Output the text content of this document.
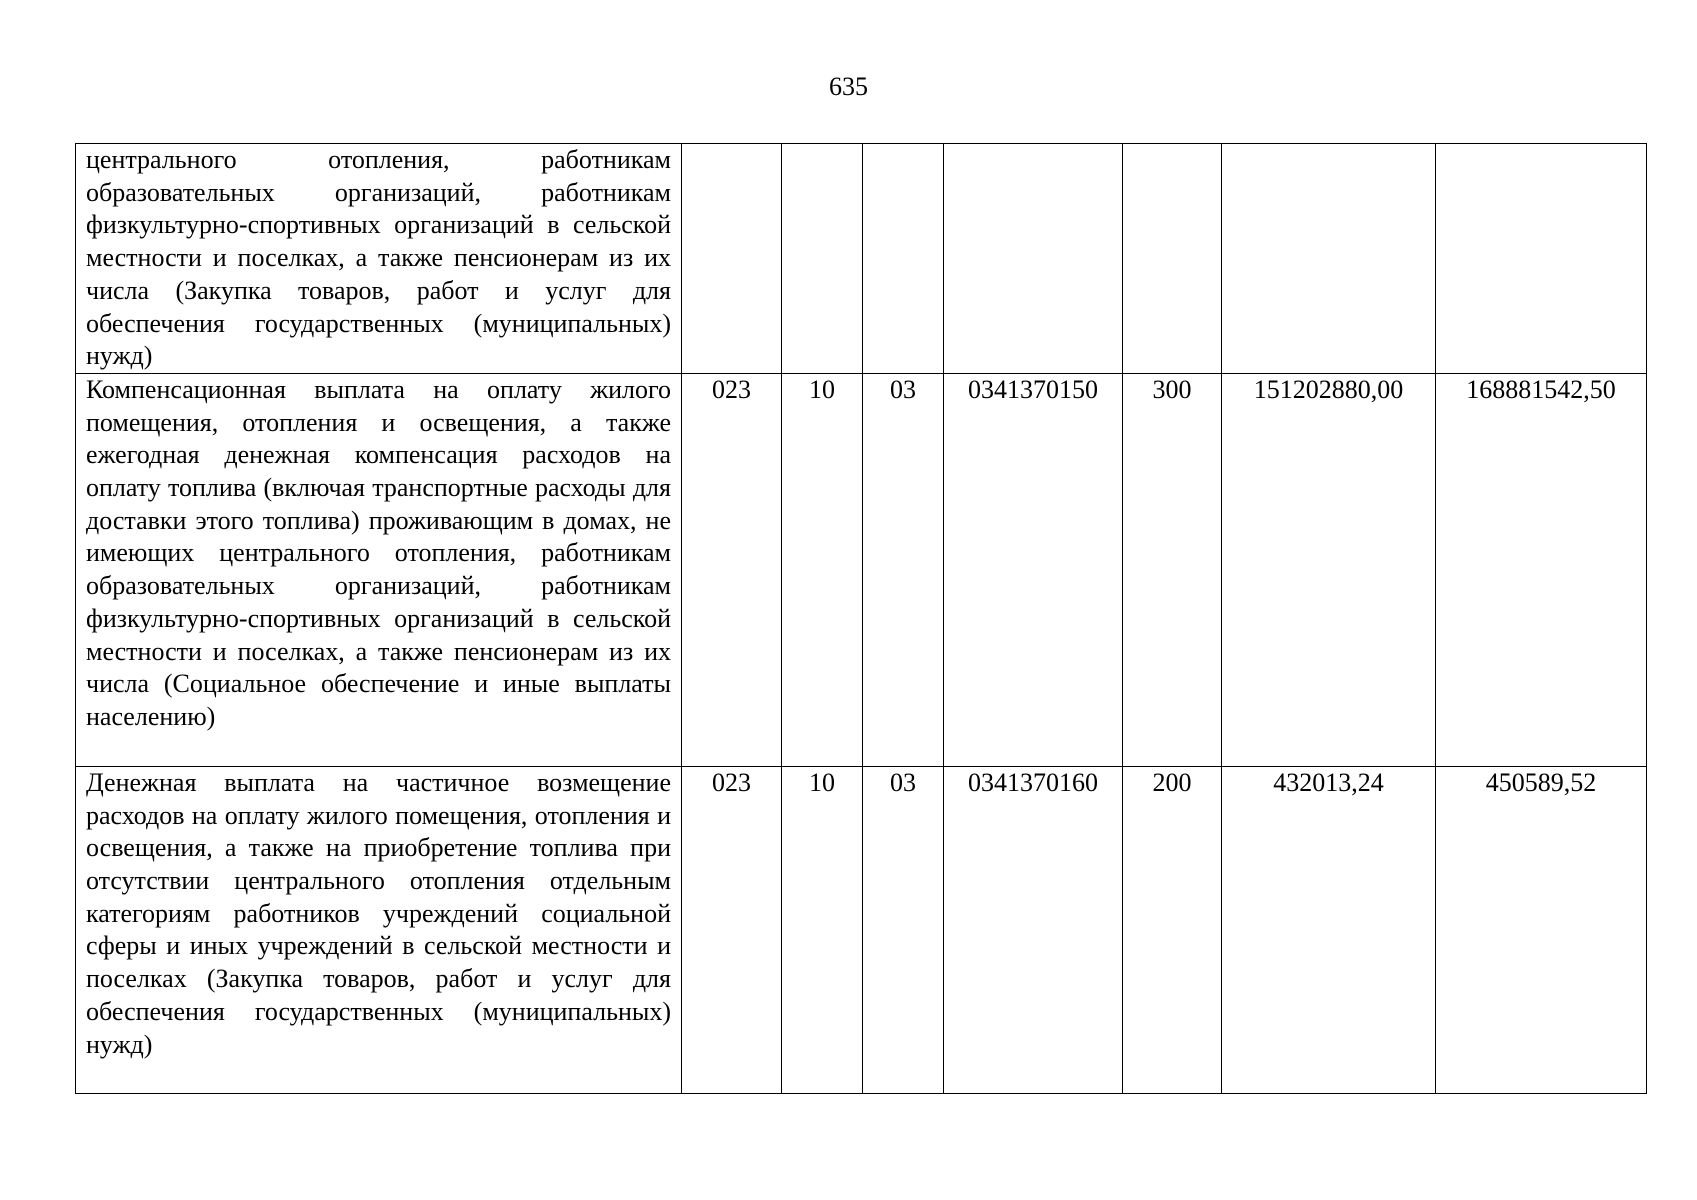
635
центрального отопления, работникам образовательных организаций, работникам физкультурно-спортивных организаций в сельской местности и поселках, а также пенсионерам из их числа (Закупка товаров, работ и услуг для обеспечения государственных (муниципальных) нужд)							

Компенсационная выплата на оплату жилого помещения, отопления и освещения, а также ежегодная денежная компенсация расходов на оплату топлива (включая транспортные расходы для доставки этого топлива) проживающим в домах, не имеющих центрального отопления, работникам образовательных организаций, работникам физкультурно-спортивных организаций в сельской местности и поселках, а также пенсионерам из их числа (Социальное обеспечение и иные выплаты населению)	023	10	03	0341370150	300	151202880,00	168881542,50

Денежная выплата на частичное возмещение расходов на оплату жилого помещения, отопления и освещения, а также на приобретение топлива при отсутствии центрального отопления отдельным категориям работников учреждений социальной сферы и иных учреждений в сельской местности и поселках (Закупка товаров, работ и услуг для обеспечения государственных (муниципальных) нужд)	023	10	03	0341370160	200	432013,24	450589,52
